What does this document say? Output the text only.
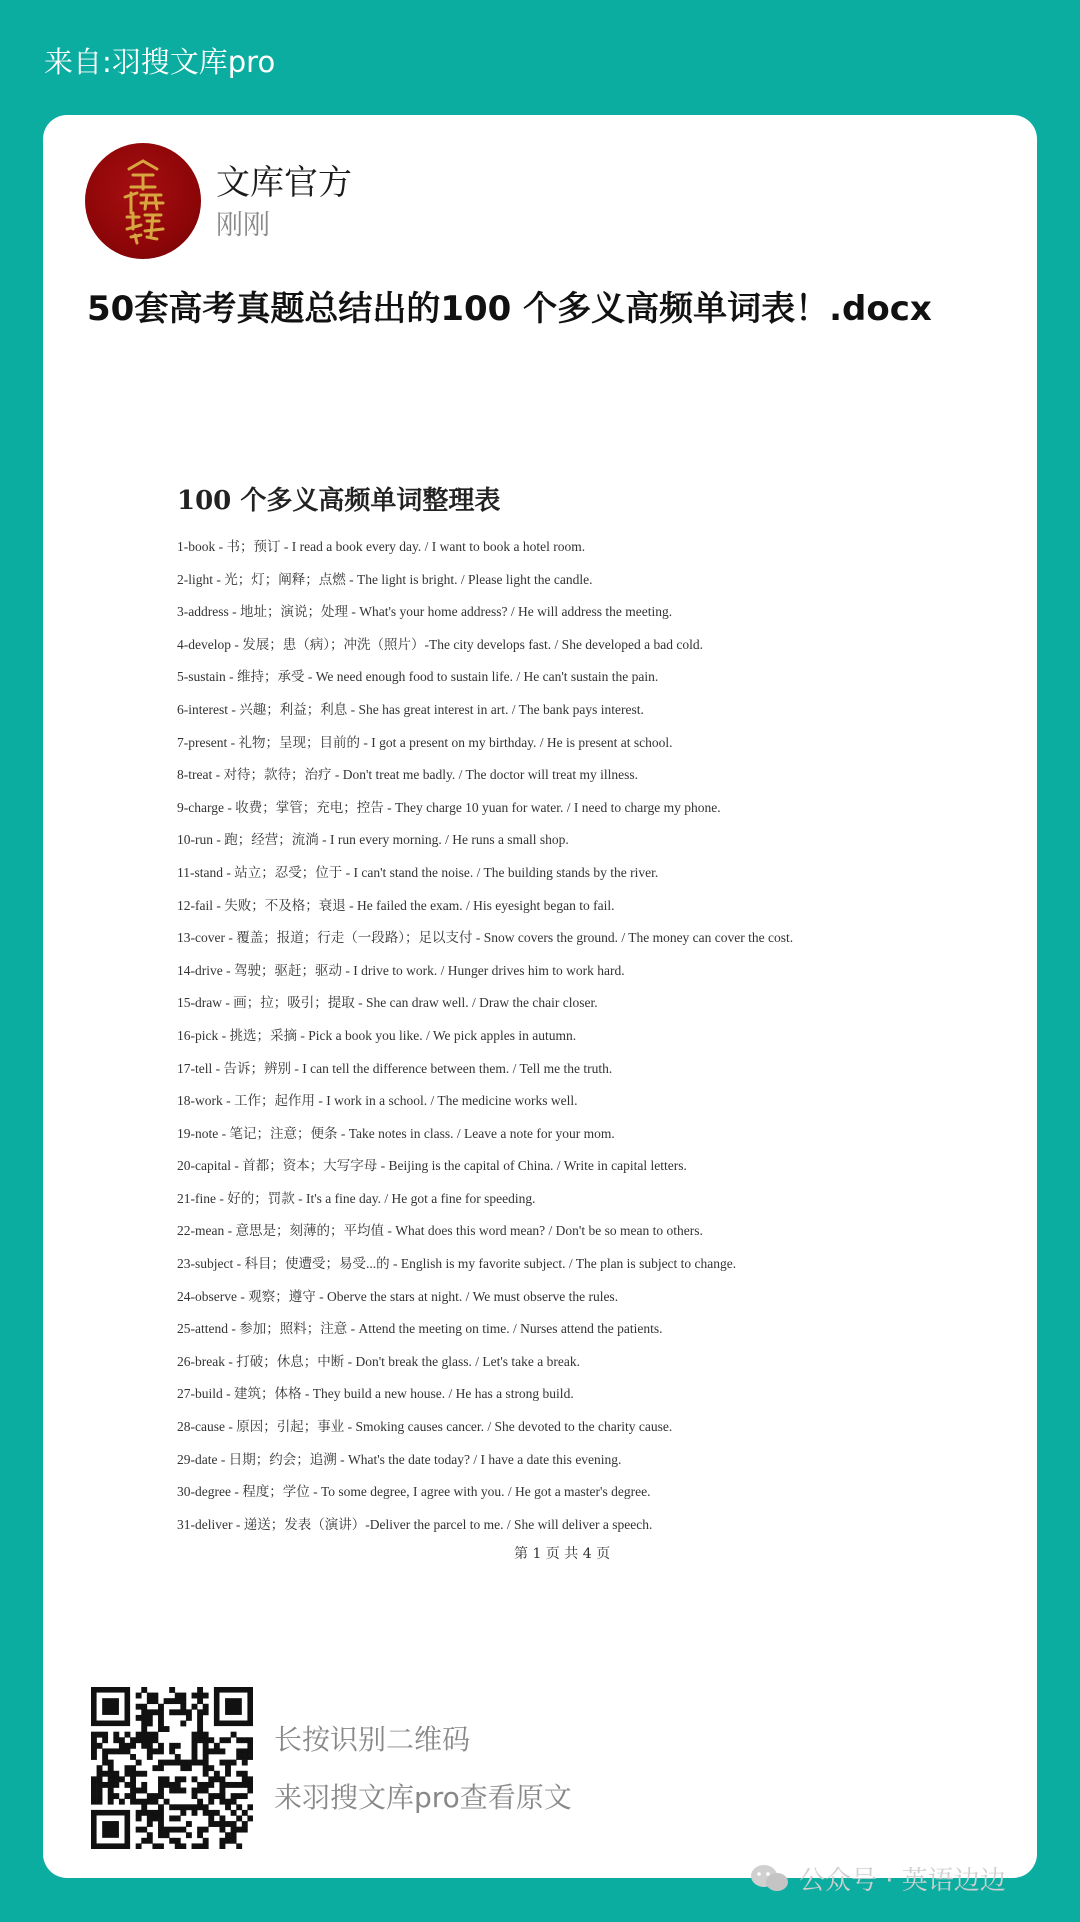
来自:羽搜文库pro
文库官方
刚刚
50套高考真题总结出的100 个多义高频单词表！.docx
100 个多义高频单词整理表
1-book - 书；预订 - I read a book every day. / I want to book a hotel room.
2-light - 光；灯；阐释；点燃 - The light is bright. / Please light the candle.
3-address - 地址；演说；处理 - What's your home address? / He will address the meeting.
4-develop - 发展；患（病）；冲洗（照片）-The city develops fast. / She developed a bad cold.
5-sustain - 维持；承受 - We need enough food to sustain life. / He can't sustain the pain.
6-interest - 兴趣；利益；利息 - She has great interest in art. / The bank pays interest.
7-present - 礼物；呈现；目前的 - I got a present on my birthday. / He is present at school.
8-treat - 对待；款待；治疗 - Don't treat me badly. / The doctor will treat my illness.
9-charge - 收费；掌管；充电；控告 - They charge 10 yuan for water. / I need to charge my phone.
10-run - 跑；经营；流淌 - I run every morning. / He runs a small shop.
11-stand - 站立；忍受；位于 - I can't stand the noise. / The building stands by the river.
12-fail - 失败；不及格；衰退 - He failed the exam. / His eyesight began to fail.
13-cover - 覆盖；报道；行走（一段路）；足以支付 - Snow covers the ground. / The money can cover the cost.
14-drive - 驾驶；驱赶；驱动 - I drive to work. / Hunger drives him to work hard.
15-draw - 画；拉；吸引；提取 - She can draw well. / Draw the chair closer.
16-pick - 挑选；采摘 - Pick a book you like. / We pick apples in autumn.
17-tell - 告诉；辨别 - I can tell the difference between them. / Tell me the truth.
18-work - 工作；起作用 - I work in a school. / The medicine works well.
19-note - 笔记；注意；便条 - Take notes in class. / Leave a note for your mom.
20-capital - 首都；资本；大写字母 - Beijing is the capital of China. / Write in capital letters.
21-fine - 好的；罚款 - It's a fine day. / He got a fine for speeding.
22-mean - 意思是；刻薄的；平均值 - What does this word mean? / Don't be so mean to others.
23-subject - 科目；使遭受；易受...的 - English is my favorite subject. / The plan is subject to change.
24-observe - 观察；遵守 - Oberve the stars at night. / We must observe the rules.
25-attend - 参加；照料；注意 - Attend the meeting on time. / Nurses attend the patients.
26-break - 打破；休息；中断 - Don't break the glass. / Let's take a break.
27-build - 建筑；体格 - They build a new house. / He has a strong build.
28-cause - 原因；引起；事业 - Smoking causes cancer. / She devoted to the charity cause.
29-date - 日期；约会；追溯 - What's the date today? / I have a date this evening.
30-degree - 程度；学位 - To some degree, I agree with you. / He got a master's degree.
31-deliver - 递送；发表（演讲）-Deliver the parcel to me. / She will deliver a speech.
第 1 页 共 4 页
长按识别二维码
来羽搜文库pro查看原文
公众号 · 英语边边
